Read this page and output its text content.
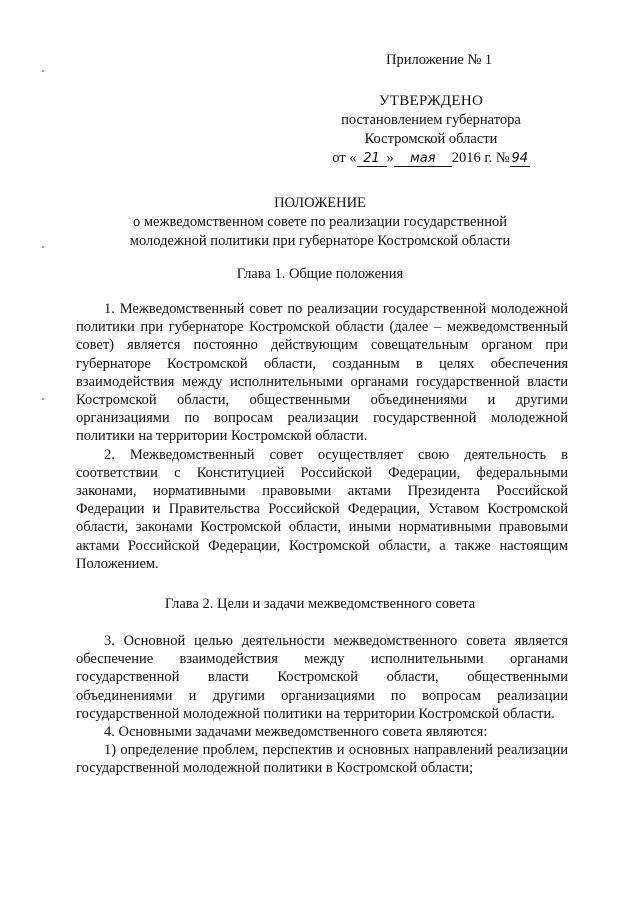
Приложение № 1
УТВЕРЖДЕНО
постановлением губернатора
Костромской области
от « 21 » мая 2016 г. № 94
ПОЛОЖЕНИЕ
о межведомственном совете по реализации государственной
молодежной политики при губернаторе Костромской области
Глава 1. Общие положения

1. Межведомственный совет по реализации государственной молодежной политики при губернаторе Костромской области (далее – межведомственный совет) является постоянно действующим совещательным органом при губернаторе Костромской области, созданным в целях обеспечения взаимодействия между исполнительными органами государственной власти Костромской области, общественными объединениями и другими организациями по вопросам реализации государственной молодежной политики на территории Костромской области.

2. Межведомственный совет осуществляет свою деятельность в соответствии с Конституцией Российской Федерации, федеральными законами, нормативными правовыми актами Президента Российской Федерации и Правительства Российской Федерации, Уставом Костромской области, законами Костромской области, иными нормативными правовыми актами Российской Федерации, Костромской области, а также настоящим Положением.

Глава 2. Цели и задачи межведомственного совета

3. Основной целью деятельности межведомственного совета является обеспечение взаимодействия между исполнительными органами государственной власти Костромской области, общественными объединениями и другими организациями по вопросам реализации государственной молодежной политики на территории Костромской области.

4. Основными задачами межведомственного совета являются:

1) определение проблем, перспектив и основных направлений реализации государственной молодежной политики в Костромской области;
